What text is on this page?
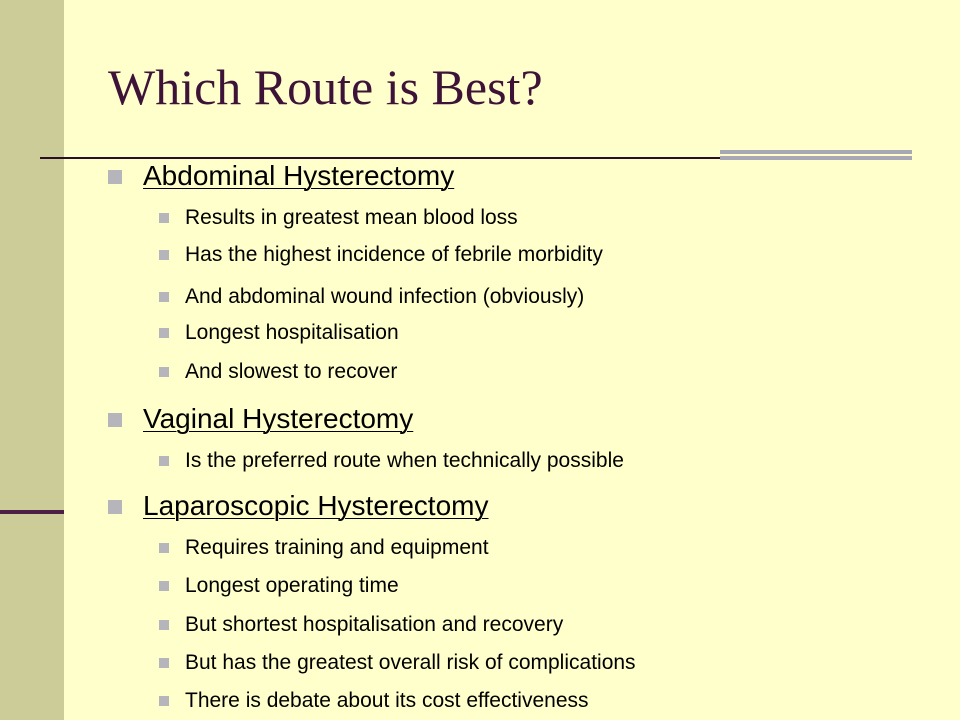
Which Route is Best?
Abdominal Hysterectomy
Results in greatest mean blood loss
Has the highest incidence of febrile morbidity
And abdominal wound infection (obviously)
Longest hospitalisation
And slowest to recover
Vaginal Hysterectomy
Is the preferred route when technically possible
Laparoscopic Hysterectomy
Requires training and equipment
Longest operating time
But shortest hospitalisation and recovery
But has the greatest overall risk of complications
There is debate about its cost effectiveness
